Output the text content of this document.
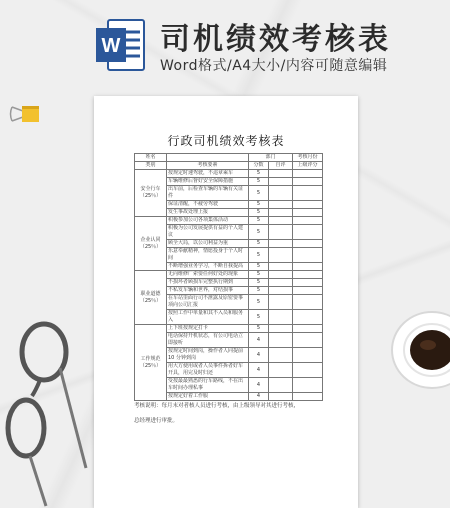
W 司机绩效考核表
Word格式/A4大小/内容可随意编辑
行政司机绩效考核表
姓名		部门		考核月份
类别	考核要素	分数	自评	上级评分

安全行车
（25％）	按规定时速驾驶，不违章乘车	5		
	车辆维修后督好安全保障措施	5		
	出车前，后检查车辆的车辆有关证件	5		
	保证清醒，不疲劳驾驶	5		
	发生事故处理上报	5		

企业认同
（25％）	积极参加公司各项集体活动	5		
	积极为公司发展提供有益的个人建议	5		
	顾全大局，以公司利益为重	5		
	乐意奉献精神，情愿投身于个人时间	5		
	不断增强业务学习，不断自我提高	5		

职业道德
（25％）	无向维修厂索要任何好处的现象	5		
	不损坏者顾损车完整执行期到	5		
	不私发车辆和世界，对结损事	5		
	在车站里面行司不泄露及原密要事项向公司汇报	5		
	按照工作中单量和其不入员和服务入	5		

工作规范
（25％）	上下班按规定打卡	5		
	电话保持开机状态，有公司电话立即接听	4		
	按规定时间到岗，操作者人同提前 10 分钟到岗	4		
	用大方使用或者人员事件拆者好车开具，用完及时归还	4		
	受按最最熟悉的行车路线，不在出车时间办理私事	4		
	按规定好着工作服	4		
考核说明：每月末对者核人员进行考核，由上级领导对其进行考核，
总经理进行审批。
